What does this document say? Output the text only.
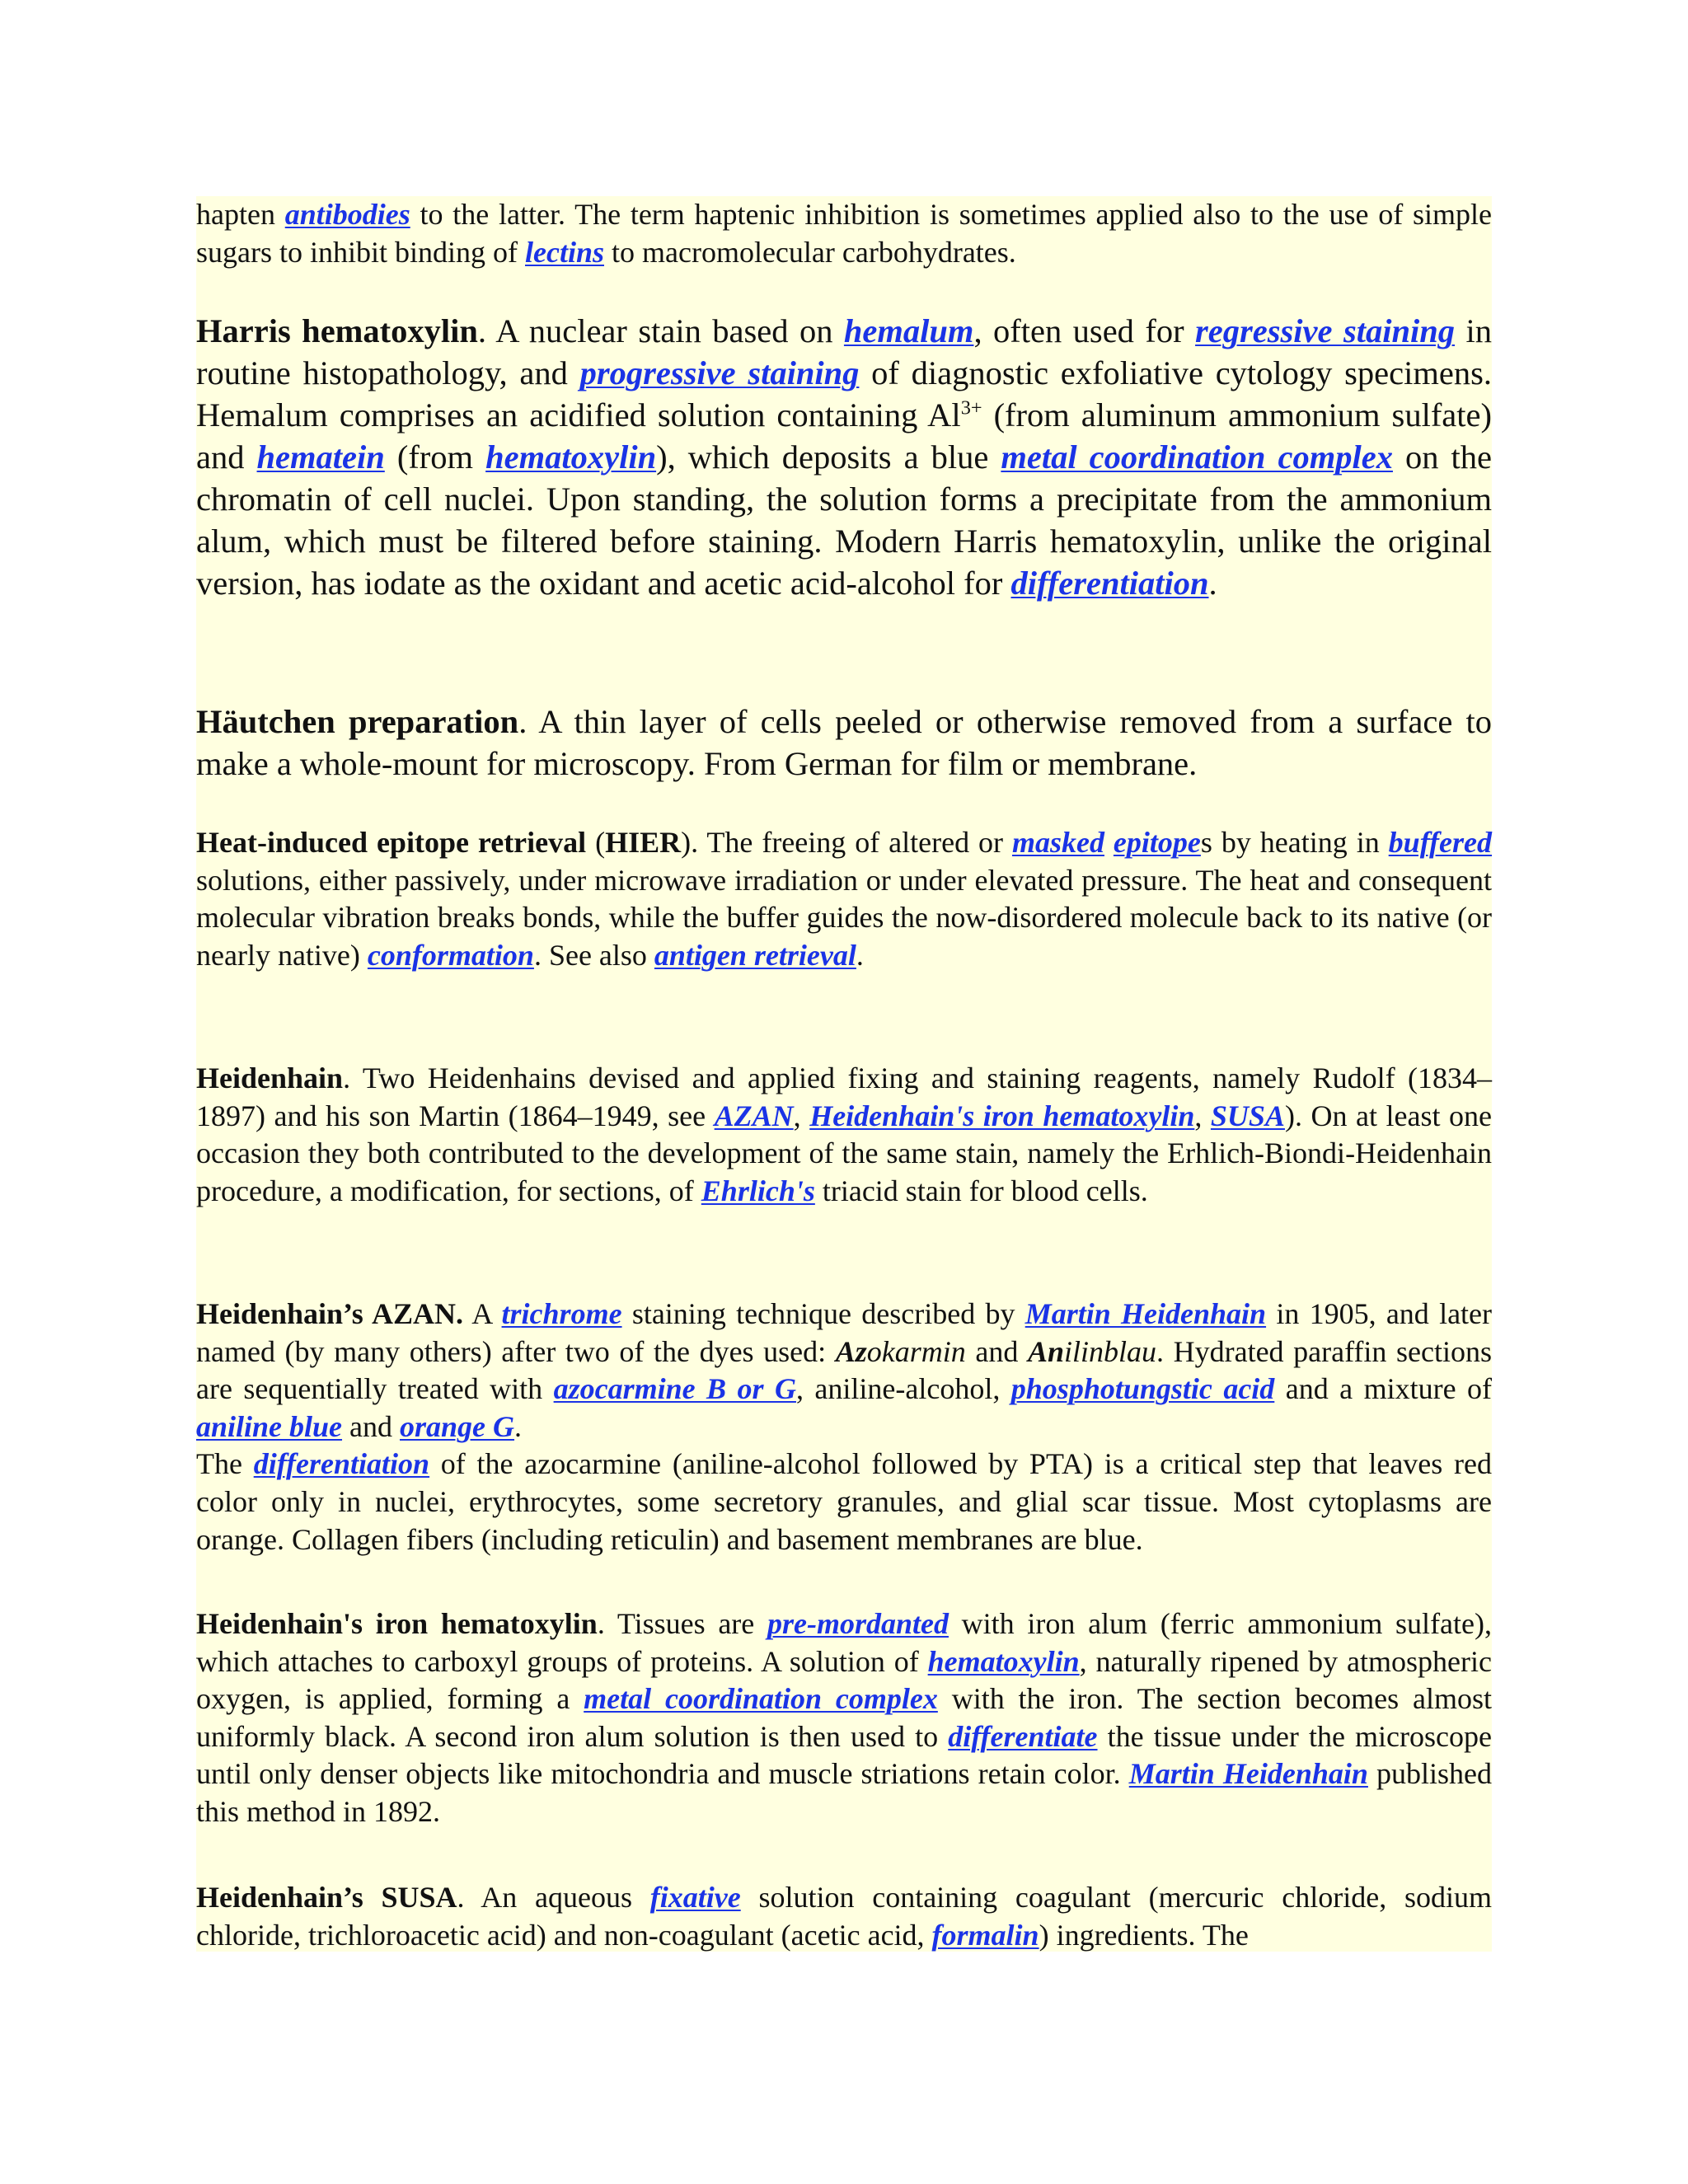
hapten antibodies to the latter. The term haptenic inhibition is sometimes applied also to the use of simple sugars to inhibit binding of lectins to macromolecular carbohydrates.

Harris hematoxylin. A nuclear stain based on hemalum, often used for regressive staining in routine histopathology, and progressive staining of diagnostic exfoliative cytology specimens. Hemalum comprises an acidified solution containing $Al^{3+}$ (from aluminum ammonium sulfate) and hematein (from hematoxylin), which deposits a blue metal coordination complex on the chromatin of cell nuclei. Upon standing, the solution forms a precipitate from the ammonium alum, which must be filtered before staining. Modern Harris hematoxylin, unlike the original version, has iodate as the oxidant and acetic acid-alcohol for differentiation.

Häutchen preparation. A thin layer of cells peeled or otherwise removed from a surface to make a whole-mount for microscopy. From German for film or membrane.

Heat-induced epitope retrieval (HIER). The freeing of altered or masked epitopes by heating in buffered solutions, either passively, under microwave irradiation or under elevated pressure. The heat and consequent molecular vibration breaks bonds, while the buffer guides the now-disordered molecule back to its native (or nearly native) conformation. See also antigen retrieval.

Heidenhain. Two Heidenhains devised and applied fixing and staining reagents, namely Rudolf (1834–1897) and his son Martin (1864–1949, see AZAN, Heidenhain's iron hematoxylin, SUSA). On at least one occasion they both contributed to the development of the same stain, namely the Erhlich-Biondi-Heidenhain procedure, a modification, for sections, of Ehrlich's triacid stain for blood cells.

Heidenhain’s AZAN. A trichrome staining technique described by Martin Heidenhain in 1905, and later named (by many others) after two of the dyes used: Azokarmin and Anilinblau. Hydrated paraffin sections are sequentially treated with azocarmine B or G, aniline-alcohol, phosphotungstic acid and a mixture of aniline blue and orange G.
The differentiation of the azocarmine (aniline-alcohol followed by PTA) is a critical step that leaves red color only in nuclei, erythrocytes, some secretory granules, and glial scar tissue. Most cytoplasms are orange. Collagen fibers (including reticulin) and basement membranes are blue.

Heidenhain's iron hematoxylin. Tissues are pre-mordanted with iron alum (ferric ammonium sulfate), which attaches to carboxyl groups of proteins. A solution of hematoxylin, naturally ripened by atmospheric oxygen, is applied, forming a metal coordination complex with the iron. The section becomes almost uniformly black. A second iron alum solution is then used to differentiate the tissue under the microscope until only denser objects like mitochondria and muscle striations retain color. Martin Heidenhain published this method in 1892.

Heidenhain’s SUSA. An aqueous fixative solution containing coagulant (mercuric chloride, sodium chloride, trichloroacetic acid) and non-coagulant (acetic acid, formalin) ingredients. The
